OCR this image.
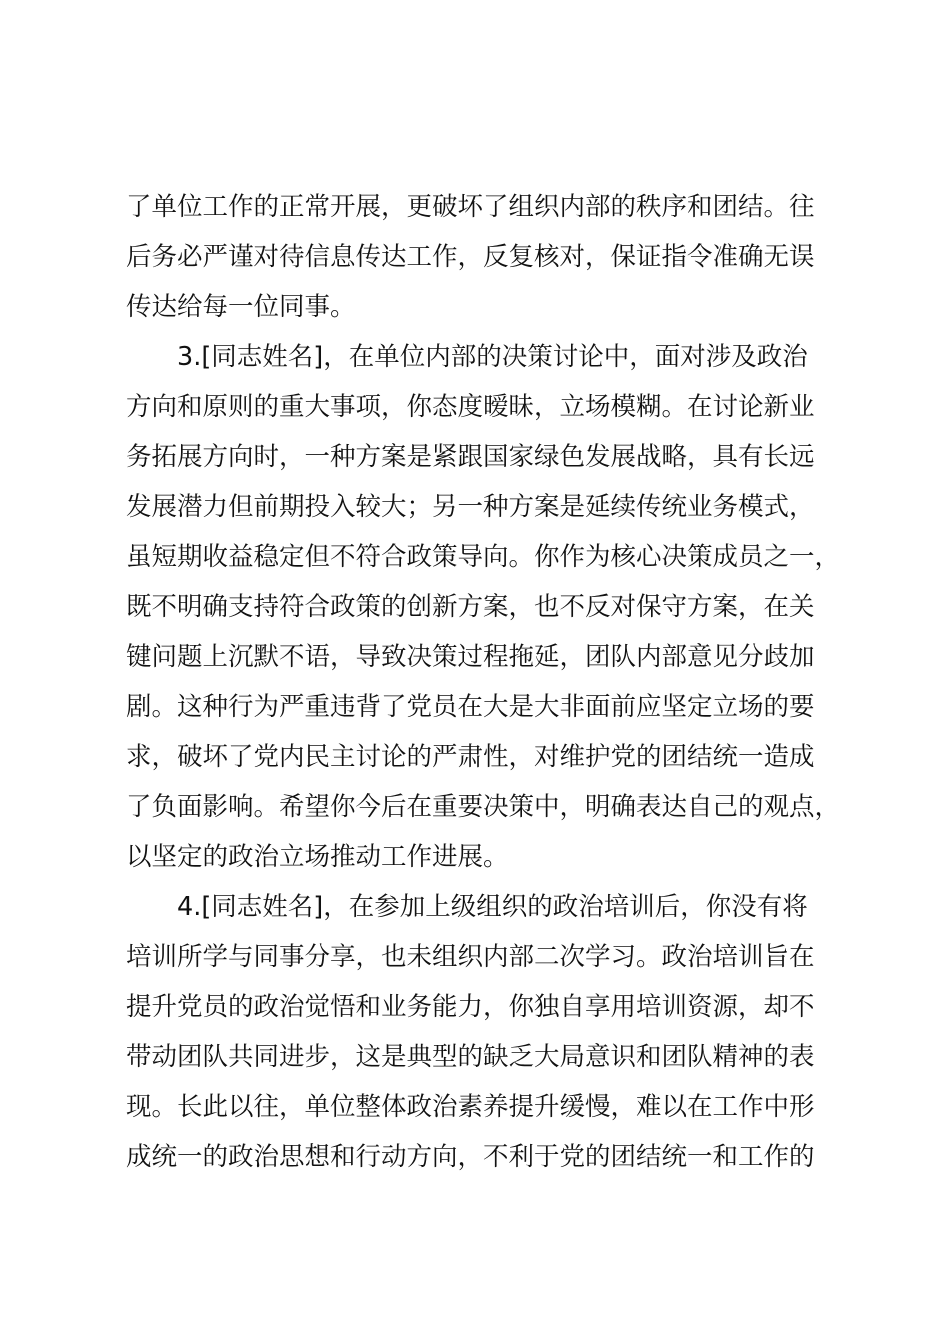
了单位工作的正常开展，更破坏了组织内部的秩序和团结。往
后务必严谨对待信息传达工作，反复核对，保证指令准确无误
传达给每一位同事。
3.[同志姓名]，在单位内部的决策讨论中，面对涉及政治
方向和原则的重大事项，你态度暧昧，立场模糊。在讨论新业
务拓展方向时，一种方案是紧跟国家绿色发展战略，具有长远
发展潜力但前期投入较大；另一种方案是延续传统业务模式，
虽短期收益稳定但不符合政策导向。你作为核心决策成员之一，
既不明确支持符合政策的创新方案，也不反对保守方案，在关
键问题上沉默不语，导致决策过程拖延，团队内部意见分歧加
剧。这种行为严重违背了党员在大是大非面前应坚定立场的要
求，破坏了党内民主讨论的严肃性，对维护党的团结统一造成
了负面影响。希望你今后在重要决策中，明确表达自己的观点，
以坚定的政治立场推动工作进展。
4.[同志姓名]，在参加上级组织的政治培训后，你没有将
培训所学与同事分享，也未组织内部二次学习。政治培训旨在
提升党员的政治觉悟和业务能力，你独自享用培训资源，却不
带动团队共同进步，这是典型的缺乏大局意识和团队精神的表
现。长此以往，单位整体政治素养提升缓慢，难以在工作中形
成统一的政治思想和行动方向，不利于党的团结统一和工作的
